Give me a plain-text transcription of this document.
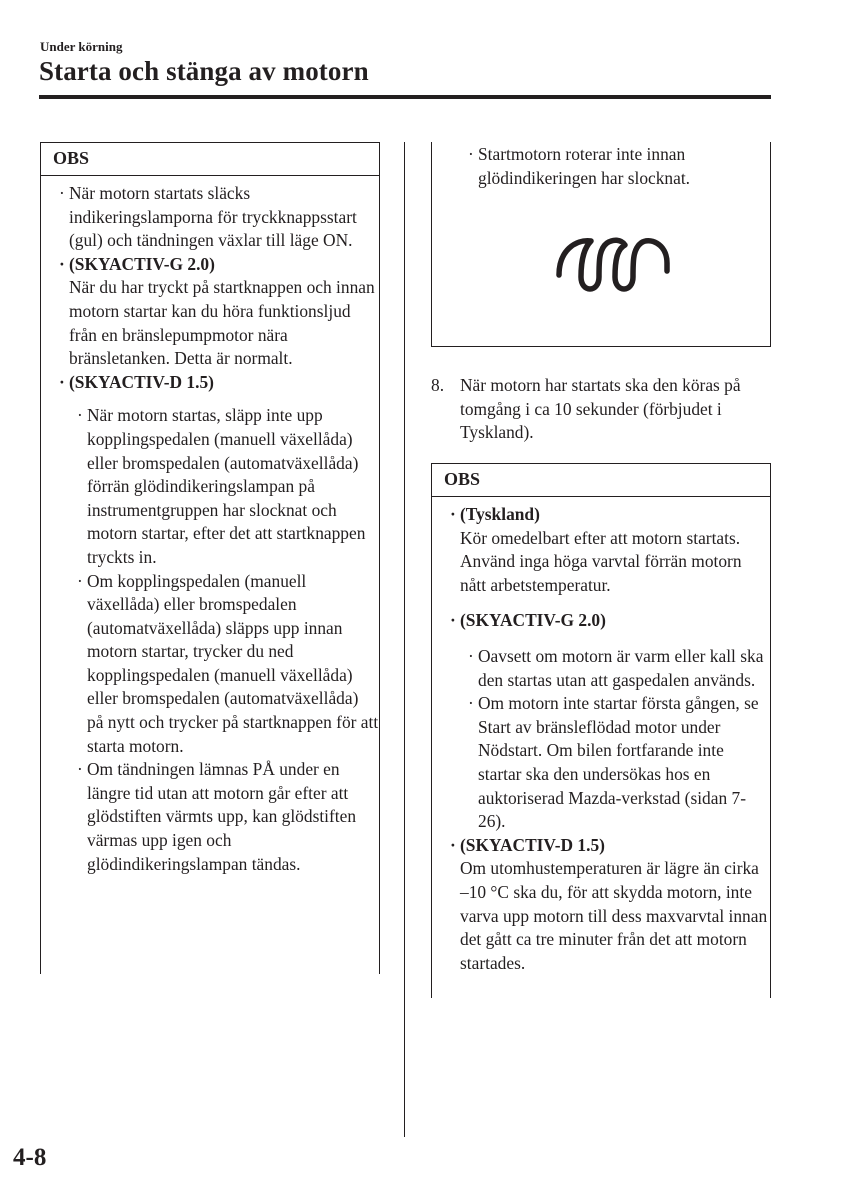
Under körning
Starta och stänga av motorn
OBS
· När motorn startats släcks indikeringslamporna för tryckknappsstart (gul) och tändningen växlar till läge ON.
· (SKYACTIV-G 2.0)
När du har tryckt på startknappen och innan motorn startar kan du höra funktionsljud från en bränslepumpmotor nära bränsletanken. Detta är normalt.
· (SKYACTIV-D 1.5)
· När motorn startas, släpp inte upp kopplingspedalen (manuell växellåda) eller bromspedalen (automatväxellåda) förrän glödindikeringslampan på instrumentgruppen har slocknat och motorn startar, efter det att startknappen tryckts in.
· Om kopplingspedalen (manuell växellåda) eller bromspedalen (automatväxellåda) släpps upp innan motorn startar, trycker du ned kopplingspedalen (manuell växellåda) eller bromspedalen (automatväxellåda) på nytt och trycker på startknappen för att starta motorn.
· Om tändningen lämnas PÅ under en längre tid utan att motorn går efter att glödstiften värmts upp, kan glödstiften värmas upp igen och glödindikeringslampan tändas.
· Startmotorn roterar inte innan glödindikeringen har slocknat.
8. När motorn har startats ska den köras på tomgång i ca 10 sekunder (förbjudet i Tyskland).
OBS
· (Tyskland)
Kör omedelbart efter att motorn startats. Använd inga höga varvtal förrän motorn nått arbetstemperatur.
· (SKYACTIV-G 2.0)
· Oavsett om motorn är varm eller kall ska den startas utan att gaspedalen används.
· Om motorn inte startar första gången, se Start av bränsleflödad motor under Nödstart. Om bilen fortfarande inte startar ska den undersökas hos en auktoriserad Mazda-verkstad (sidan 7-26).
· (SKYACTIV-D 1.5)
Om utomhustemperaturen är lägre än cirka –10 °C ska du, för att skydda motorn, inte varva upp motorn till dess maxvarvtal innan det gått ca tre minuter från det att motorn startades.
4-8
